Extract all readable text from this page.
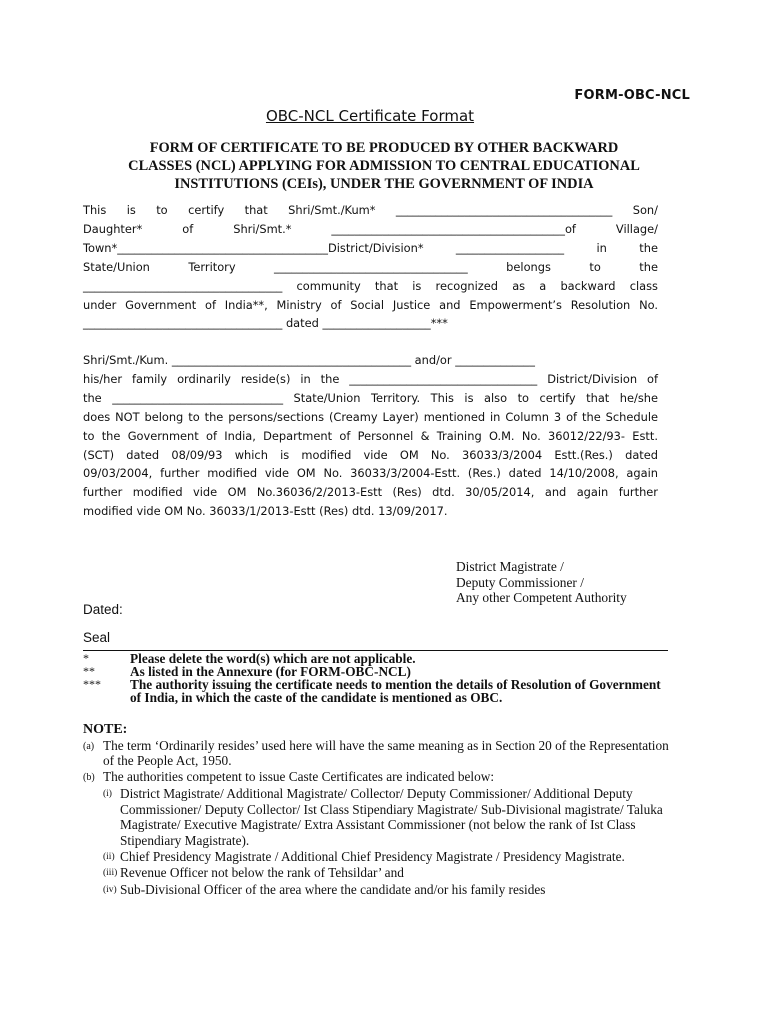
FORM-OBC-NCL
OBC-NCL Certificate Format
FORM OF CERTIFICATE TO BE PRODUCED BY OTHER BACKWARD
CLASSES (NCL) APPLYING FOR ADMISSION TO CENTRAL EDUCATIONAL
INSTITUTIONS (CEIs), UNDER THE GOVERNMENT OF INDIA
This is to certify that Shri/Smt./Kum* ______________________________________ Son/
Daughter* of Shri/Smt.* _________________________________________of Village/
Town*_____________________________________District/Division* ___________________ in the
State/Union Territory __________________________________ belongs to the
___________________________________ community that is recognized as a backward class
under Government of India**, Ministry of Social Justice and Empowerment’s Resolution No.
___________________________________ dated ___________________***
Shri/Smt./Kum. __________________________________________ and/or ______________
his/her family ordinarily reside(s) in the _________________________________ District/Division of
the ______________________________ State/Union Territory. This is also to certify that he/she
does NOT belong to the persons/sections (Creamy Layer) mentioned in Column 3 of the Schedule
to the Government of India, Department of Personnel & Training O.M. No. 36012/22/93- Estt.
(SCT) dated 08/09/93 which is modified vide OM No. 36033/3/2004 Estt.(Res.) dated
09/03/2004, further modified vide OM No. 36033/3/2004-Estt. (Res.) dated 14/10/2008, again
further modified vide OM No.36036/2/2013-Estt (Res) dtd. 30/05/2014, and again further
modified vide OM No. 36033/1/2013-Estt (Res) dtd. 13/09/2017.
District Magistrate /
Deputy Commissioner /
Any other Competent Authority
Dated:
Seal
*	Please delete the word(s) which are not applicable.
**	As listed in the Annexure (for FORM-OBC-NCL)
***	The authority issuing the certificate needs to mention the details of Resolution of Government of India, in which the caste of the candidate is mentioned as OBC.
NOTE:
(a) The term ‘Ordinarily resides’ used here will have the same meaning as in Section 20 of the Representation of the People Act, 1950.
(b) The authorities competent to issue Caste Certificates are indicated below:
(i) District Magistrate/ Additional Magistrate/ Collector/ Deputy Commissioner/ Additional Deputy Commissioner/ Deputy Collector/ Ist Class Stipendiary Magistrate/ Sub-Divisional magistrate/ Taluka Magistrate/ Executive Magistrate/ Extra Assistant Commissioner (not below the rank of Ist Class Stipendiary Magistrate).
(ii) Chief Presidency Magistrate / Additional Chief Presidency Magistrate / Presidency Magistrate.
(iii) Revenue Officer not below the rank of Tehsildar’ and
(iv) Sub-Divisional Officer of the area where the candidate and/or his family resides
